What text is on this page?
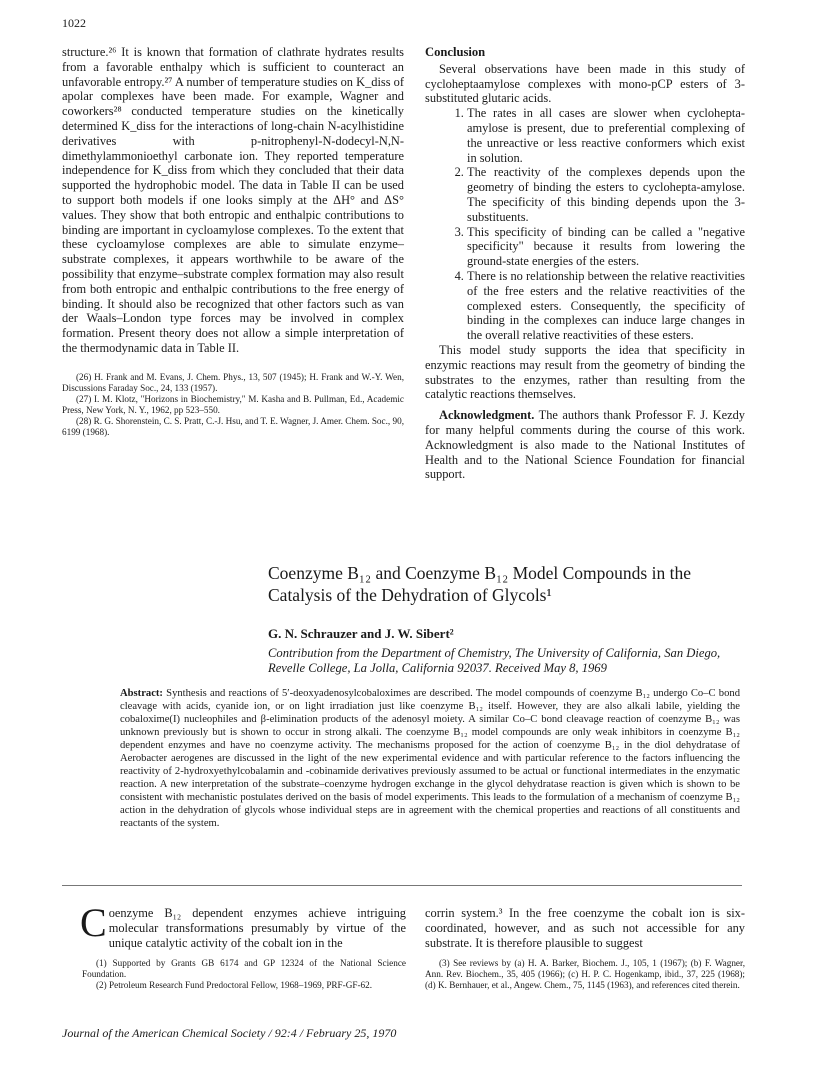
1022

structure.²⁶ It is known that formation of clathrate hydrates results from a favorable enthalpy which is sufficient to counteract an unfavorable entropy.²⁷ A number of temperature studies on K_diss of apolar complexes have been made. For example, Wagner and coworkers²⁸ conducted temperature studies on the kinetically determined K_diss for the interactions of long-chain N-acylhistidine derivatives with p-nitrophenyl-N-dodecyl-N,N-dimethylammonioethyl carbonate ion. They reported temperature independence for K_diss from which they concluded that their data supported the hydrophobic model. The data in Table II can be used to support both models if one looks simply at the ΔH° and ΔS° values. They show that both entropic and enthalpic contributions to binding are important in cycloamylose complexes. To the extent that these cycloamylose complexes are able to simulate enzyme–substrate complexes, it appears worthwhile to be aware of the possibility that enzyme–substrate complex formation may also result from both entropic and enthalpic contributions to the free energy of binding. It should also be recognized that other factors such as van der Waals–London type forces may be involved in complex formation. Present theory does not allow a simple interpretation of the thermodynamic data in Table II.

(26) H. Frank and M. Evans, J. Chem. Phys., 13, 507 (1945); H. Frank and W.-Y. Wen, Discussions Faraday Soc., 24, 133 (1957).

(27) I. M. Klotz, "Horizons in Biochemistry," M. Kasha and B. Pullman, Ed., Academic Press, New York, N. Y., 1962, pp 523–550.

(28) R. G. Shorenstein, C. S. Pratt, C.-J. Hsu, and T. E. Wagner, J. Amer. Chem. Soc., 90, 6199 (1968).

Conclusion

Several observations have been made in this study of cycloheptaamylose complexes with mono-pCP esters of 3-substituted glutaric acids.

1. The rates in all cases are slower when cyclohepta-amylose is present, due to preferential complexing of the unreactive or less reactive conformers which exist in solution.
2. The reactivity of the complexes depends upon the geometry of binding the esters to cyclohepta-amylose. The specificity of this binding depends upon the 3-substituents.
3. This specificity of binding can be called a "negative specificity" because it results from lowering the ground-state energies of the esters.
4. There is no relationship between the relative reactivities of the free esters and the relative reactivities of the complexed esters. Consequently, the specificity of binding in the complexes can induce large changes in the overall relative reactivities of these esters.

This model study supports the idea that specificity in enzymic reactions may result from the geometry of binding the substrates to the enzymes, rather than resulting from the catalytic reactions themselves.

Acknowledgment. The authors thank Professor F. J. Kezdy for many helpful comments during the course of this work. Acknowledgment is also made to the National Institutes of Health and to the National Science Foundation for financial support.

Coenzyme B₁₂ and Coenzyme B₁₂ Model Compounds in the Catalysis of the Dehydration of Glycols¹
G. N. Schrauzer and J. W. Sibert²
Contribution from the Department of Chemistry, The University of California, San Diego, Revelle College, La Jolla, California 92037. Received May 8, 1969
Abstract: Synthesis and reactions of 5′-deoxyadenosylcobaloximes are described. The model compounds of coenzyme B₁₂ undergo Co–C bond cleavage with acids, cyanide ion, or on light irradiation just like coenzyme B₁₂ itself. However, they are also alkali labile, yielding the cobaloxime(I) nucleophiles and β-elimination products of the adenosyl moiety. A similar Co–C bond cleavage reaction of coenzyme B₁₂ was unknown previously but is shown to occur in strong alkali. The coenzyme B₁₂ model compounds are only weak inhibitors in coenzyme B₁₂ dependent enzymes and have no coenzyme activity. The mechanisms proposed for the action of coenzyme B₁₂ in the diol dehydratase of Aerobacter aerogenes are discussed in the light of the new experimental evidence and with particular reference to the factors influencing the reactivity of 2-hydroxyethylcobalamin and -cobinamide derivatives previously assumed to be actual or functional intermediates in the enzymatic reaction. A new interpretation of the substrate–coenzyme hydrogen exchange in the glycol dehydratase reaction is given which is shown to be consistent with mechanistic postulates derived on the basis of model experiments. This leads to the formulation of a mechanism of coenzyme B₁₂ action in the dehydration of glycols whose individual steps are in agreement with the chemical properties and reactions of all constituents and reactants of the system.

Coenzyme B₁₂ dependent enzymes achieve intriguing molecular transformations presumably by virtue of the unique catalytic activity of the cobalt ion in the

(1) Supported by Grants GB 6174 and GP 12324 of the National Science Foundation.

(2) Petroleum Research Fund Predoctoral Fellow, 1968–1969, PRF-GF-62.

corrin system.³ In the free coenzyme the cobalt ion is six-coordinated, however, and as such not accessible for any substrate. It is therefore plausible to suggest

(3) See reviews by (a) H. A. Barker, Biochem. J., 105, 1 (1967); (b) F. Wagner, Ann. Rev. Biochem., 35, 405 (1966); (c) H. P. C. Hogenkamp, ibid., 37, 225 (1968); (d) K. Bernhauer, et al., Angew. Chem., 75, 1145 (1963), and references cited therein.

Journal of the American Chemical Society / 92:4 / February 25, 1970
